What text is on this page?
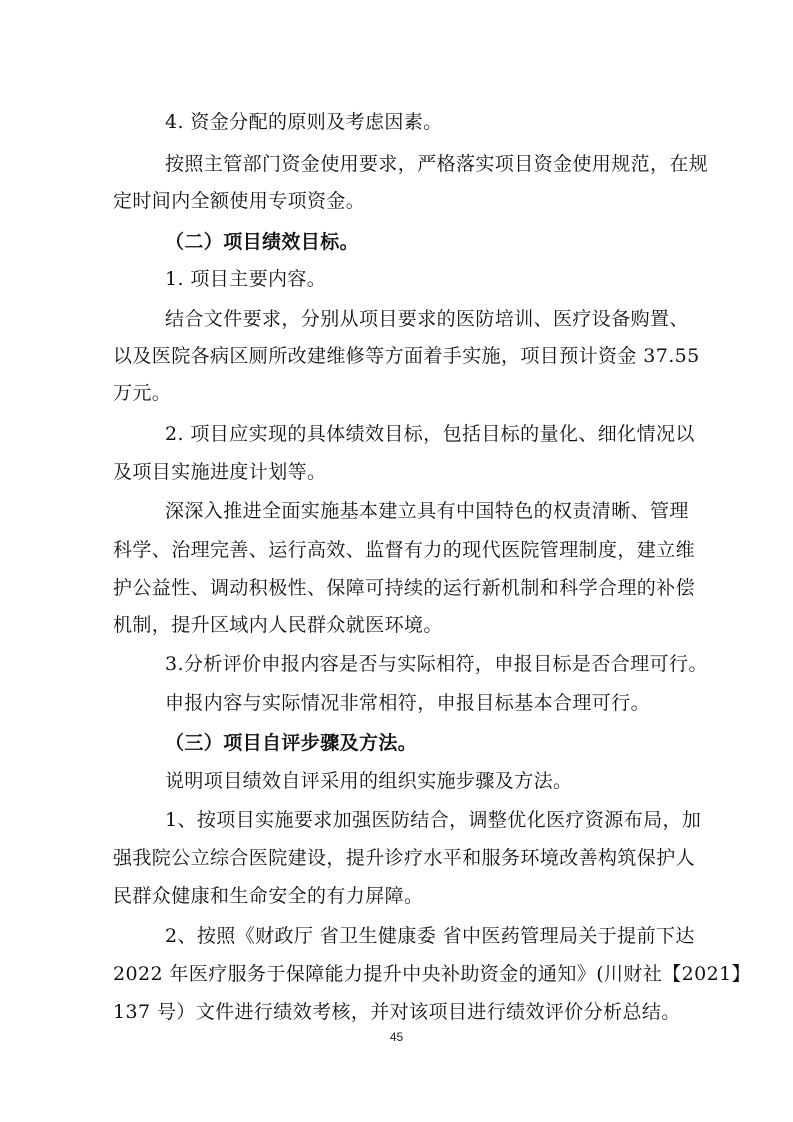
4. 资金分配的原则及考虑因素。

按照主管部门资金使用要求，严格落实项目资金使用规范，在规

定时间内全额使用专项资金。

（二）项目绩效目标。

1. 项目主要内容。

结合文件要求，分别从项目要求的医防培训、医疗设备购置、

以及医院各病区厕所改建维修等方面着手实施，项目预计资金 37.55

万元。

2. 项目应实现的具体绩效目标，包括目标的量化、细化情况以

及项目实施进度计划等。

深深入推进全面实施基本建立具有中国特色的权责清晰、管理

科学、治理完善、运行高效、监督有力的现代医院管理制度，建立维

护公益性、调动积极性、保障可持续的运行新机制和科学合理的补偿

机制，提升区域内人民群众就医环境。

3.分析评价申报内容是否与实际相符，申报目标是否合理可行。

申报内容与实际情况非常相符，申报目标基本合理可行。

（三）项目自评步骤及方法。

说明项目绩效自评采用的组织实施步骤及方法。

1、按项目实施要求加强医防结合，调整优化医疗资源布局，加

强我院公立综合医院建设，提升诊疗水平和服务环境改善构筑保护人

民群众健康和生命安全的有力屏障。

2、按照《财政厅 省卫生健康委 省中医药管理局关于提前下达

2022 年医疗服务于保障能力提升中央补助资金的通知》(川财社【2021】

137 号）文件进行绩效考核，并对该项目进行绩效评价分析总结。

45
